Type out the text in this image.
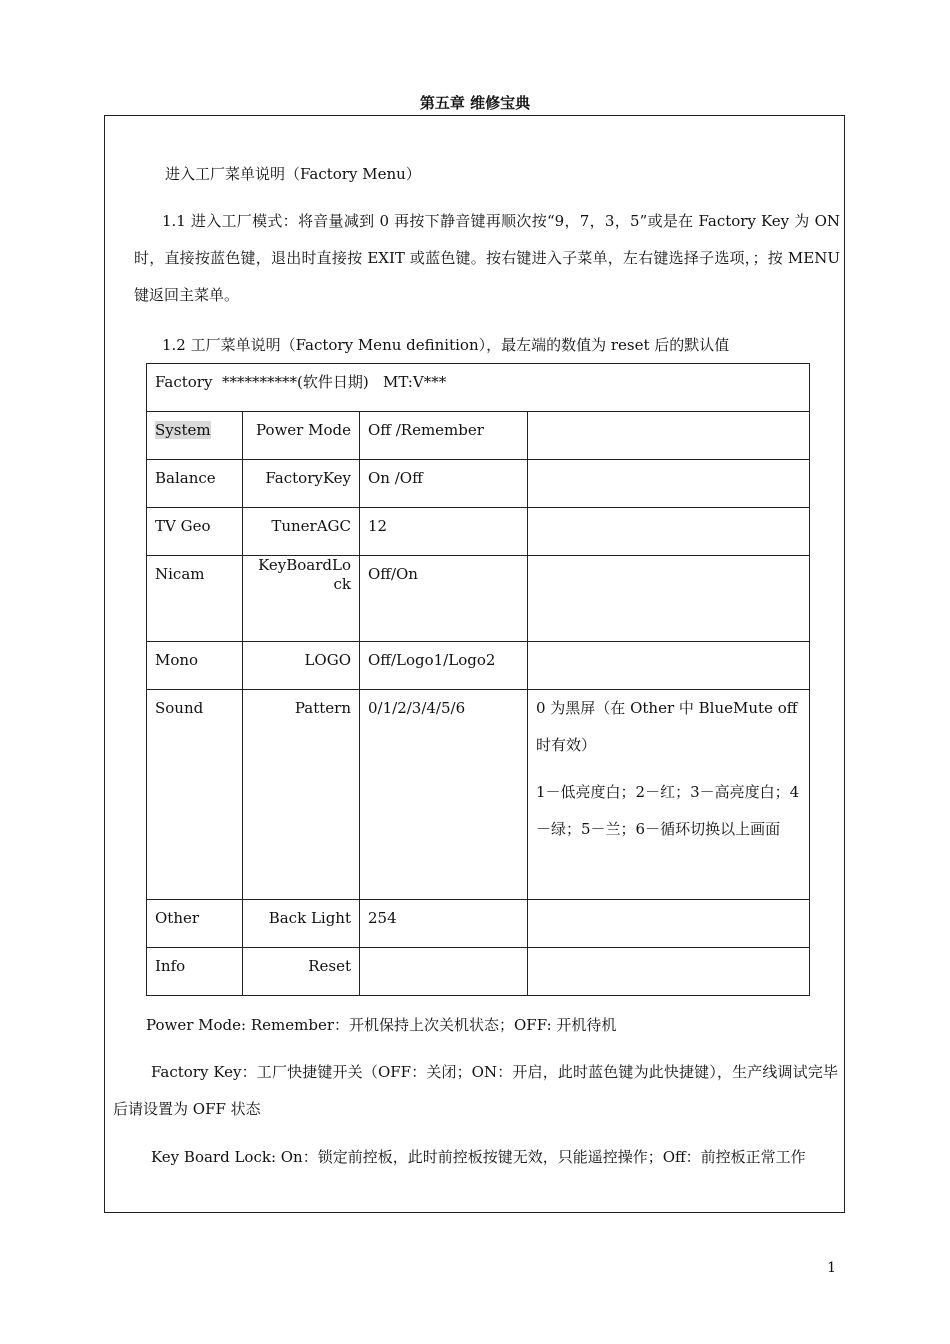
第五章 维修宝典
进入工厂菜单说明（Factory Menu）
1.1 进入工厂模式：将音量减到 0 再按下静音键再顺次按“9，7，3，5”或是在 Factory Key 为 ON 时，直接按蓝色键，退出时直接按 EXIT 或蓝色键。按右键进入子菜单，左右键选择子选项，；按 MENU 键返回主菜单。
1.2 工厂菜单说明（Factory Menu definition），最左端的数值为 reset 后的默认值
Factory  **********(软件日期)   MT:V***			
System	Power Mode	Off /Remember	
Balance	FactoryKey	On /Off	
TV Geo	TunerAGC	12	
Nicam	KeyBoardLock	Off/On	
Mono	LOGO	Off/Logo1/Logo2	
Sound	Pattern	0/1/2/3/4/5/6	0 为黑屏（在 Other 中 BlueMute off 时有效）
1－低亮度白；2－红；3－高亮度白；4－绿；5－兰；6－循环切换以上画面

Other	Back Light	254	
Info	Reset		
Power Mode: Remember：开机保持上次关机状态；OFF: 开机待机
Factory Key：工厂快捷键开关（OFF：关闭；ON：开启，此时蓝色键为此快捷键），生产线调试完毕后请设置为 OFF 状态
Key Board Lock: On：锁定前控板，此时前控板按键无效，只能遥控操作；Off：前控板正常工作
1
